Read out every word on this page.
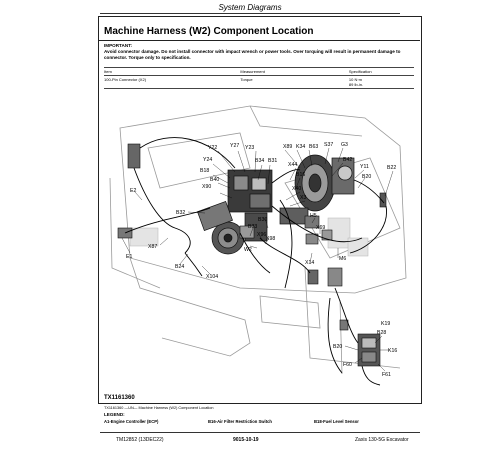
System Diagrams
Machine Harness (W2) Component Location
IMPORTANT:
Avoid connector damage. Do not install connector with impact wrench or power tools. Over torquing will result in permanent damage to connector. Torque only to specification.
Item	Measurement	Specification
100-Pin Connector (X2)	Torque	10 N·m
89 lb-in.
X89 K34 B63 S37 G3
B42
Y11	B22
Y22 Y27 Y23
Y24	B34 B31
X44
B16
B18
B40
X90	X40
X3
B20
E2
B32
B30
H5
X69
B33
X98
X96
X87	W2
E1
B24
X104
X14
M6
B28
K19
K16
B20
F60
F61
TX1161360
TX1161360 —UN— Machine Harness (W2) Component Location
LEGEND:
A1-Engine Controller (ECP)	B16-Air Filter Restriction Switch	B18-Fuel Level Sensor
TM12852 (13DEC22)	9015-10-19	Zaxis 130-5G Excavator
